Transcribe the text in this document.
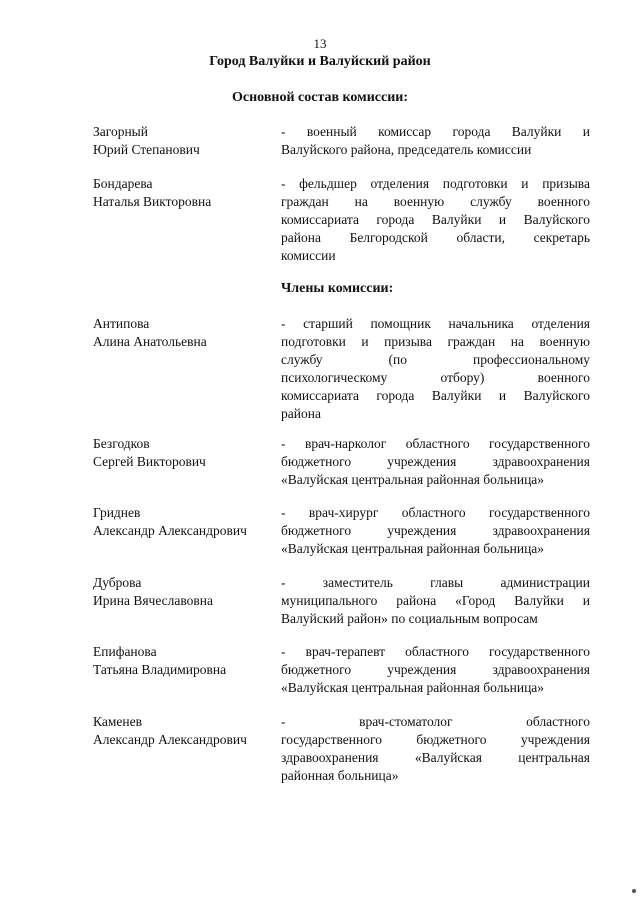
13
Город Валуйки и Валуйский район
Основной состав комиссии:
Загорный
Юрий Степанович
- военный комиссар города Валуйки и
Валуйского района, председатель комиссии
Бондарева
Наталья Викторовна
- фельдшер отделения подготовки и призыва
граждан на военную службу военного
комиссариата города Валуйки и Валуйского
района Белгородской области, секретарь
комиссии
Члены комиссии:
Антипова
Алина Анатольевна
- старший помощник начальника отделения
подготовки и призыва граждан на военную
службу (по профессиональному
психологическому отбору) военного
комиссариата города Валуйки и Валуйского
района
Безгодков
Сергей Викторович
- врач-нарколог областного государственного
бюджетного учреждения здравоохранения
«Валуйская центральная районная больница»
Гриднев
Александр Александрович
- врач-хирург областного государственного
бюджетного учреждения здравоохранения
«Валуйская центральная районная больница»
Дуброва
Ирина Вячеславовна
- заместитель главы администрации
муниципального района «Город Валуйки и
Валуйский район» по социальным вопросам
Епифанова
Татьяна Владимировна
- врач-терапевт областного государственного
бюджетного учреждения здравоохранения
«Валуйская центральная районная больница»
Каменев
Александр Александрович
- врач-стоматолог областного
государственного бюджетного учреждения
здравоохранения «Валуйская центральная
районная больница»
